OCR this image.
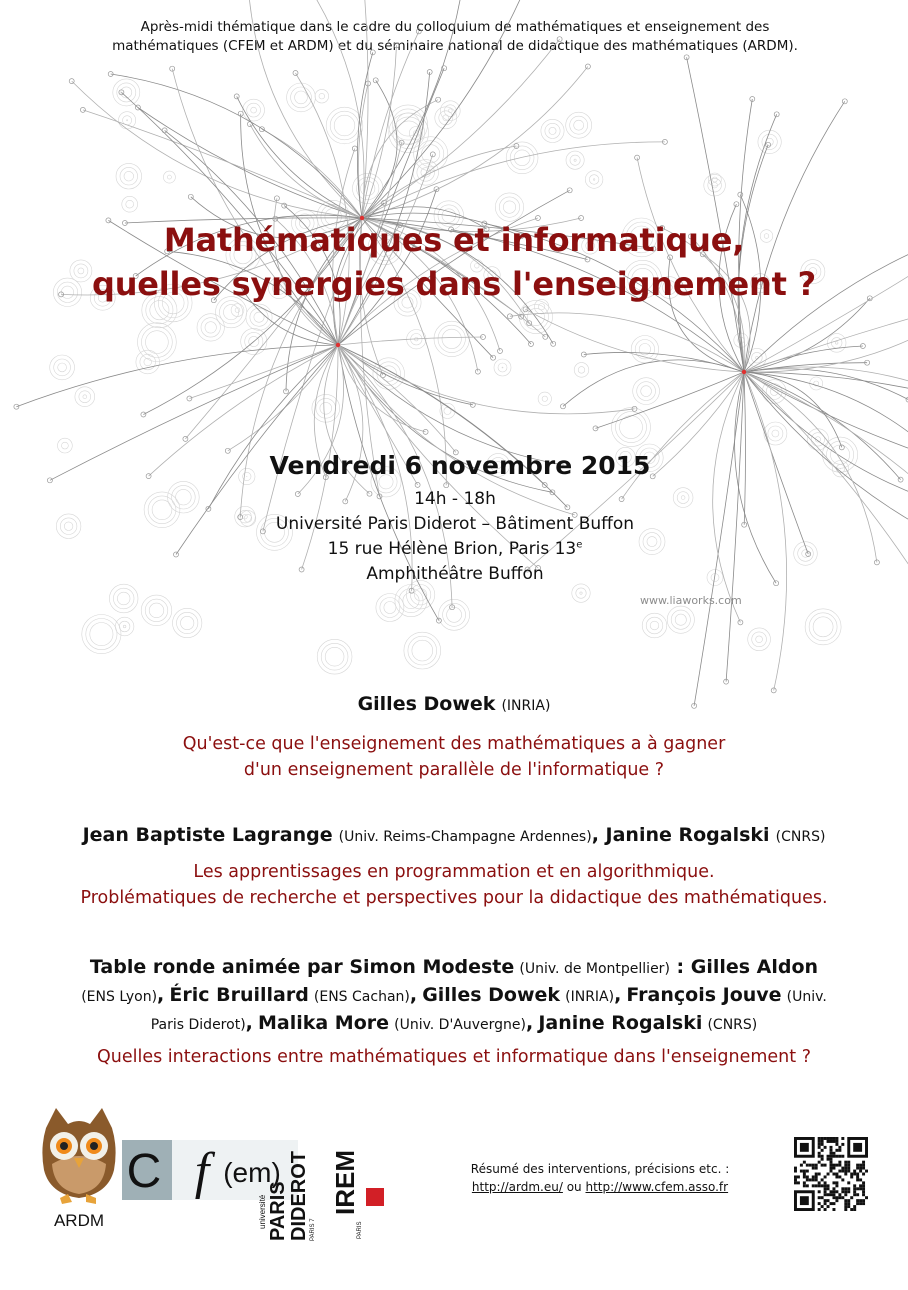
Après-midi thématique dans le cadre du colloquium de mathématiques et enseignement des
mathématiques (CFEM et ARDM) et du séminaire national de didactique des mathématiques (ARDM).
Mathématiques et informatique,
quelles synergies dans l'enseignement ?
Vendredi 6 novembre 2015
14h - 18h
Université Paris Diderot – Bâtiment Buffon
15 rue Hélène Brion, Paris 13e
Amphithéâtre Buffon
www.liaworks.com
Gilles Dowek (INRIA)
Qu'est-ce que l'enseignement des mathématiques a à gagner
d'un enseignement parallèle de l'informatique ?
Jean Baptiste Lagrange (Univ. Reims-Champagne Ardennes), Janine Rogalski (CNRS)
Les apprentissages en programmation et en algorithmique.
Problématiques de recherche et perspectives pour la didactique des mathématiques.
Table ronde animée par Simon Modeste (Univ. de Montpellier) : Gilles Aldon
(ENS Lyon), Éric Bruillard (ENS Cachan), Gilles Dowek (INRIA), François Jouve (Univ.
Paris Diderot), Malika More (Univ. D'Auvergne), Janine Rogalski (CNRS)
Quelles interactions entre mathématiques et informatique dans l'enseignement ?
ARDM
C f (em)
université PARIS DIDEROT PARIS 7
IREM
PARIS
Résumé des interventions, précisions etc. :
http://ardm.eu/ ou http://www.cfem.asso.fr
